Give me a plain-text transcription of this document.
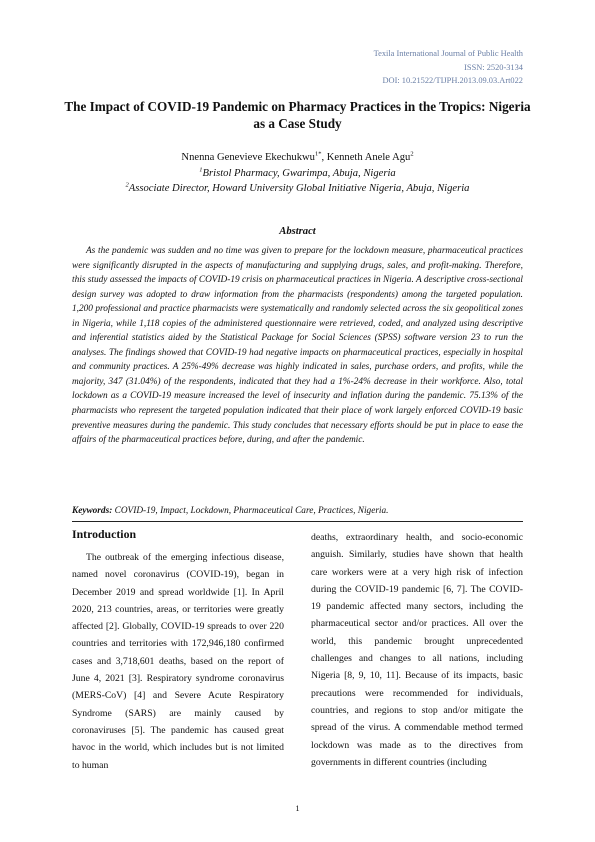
Texila International Journal of Public Health
ISSN: 2520-3134
DOI: 10.21522/TIJPH.2013.09.03.Art022
The Impact of COVID-19 Pandemic on Pharmacy Practices in the Tropics: Nigeria as a Case Study
Nnenna Genevieve Ekechukwu$^{1*}$, Kenneth Anele Agu$^2$
$^1$Bristol Pharmacy, Gwarimpa, Abuja, Nigeria
$^2$Associate Director, Howard University Global Initiative Nigeria, Abuja, Nigeria
Abstract

As the pandemic was sudden and no time was given to prepare for the lockdown measure, pharmaceutical practices were significantly disrupted in the aspects of manufacturing and supplying drugs, sales, and profit-making. Therefore, this study assessed the impacts of COVID-19 crisis on pharmaceutical practices in Nigeria. A descriptive cross-sectional design survey was adopted to draw information from the pharmacists (respondents) among the targeted population. 1,200 professional and practice pharmacists were systematically and randomly selected across the six geopolitical zones in Nigeria, while 1,118 copies of the administered questionnaire were retrieved, coded, and analyzed using descriptive and inferential statistics aided by the Statistical Package for Social Sciences (SPSS) software version 23 to run the analyses. The findings showed that COVID-19 had negative impacts on pharmaceutical practices, especially in hospital and community practices. A 25%-49% decrease was highly indicated in sales, purchase orders, and profits, while the majority, 347 (31.04%) of the respondents, indicated that they had a 1%-24% decrease in their workforce. Also, total lockdown as a COVID-19 measure increased the level of insecurity and inflation during the pandemic. 75.13% of the pharmacists who represent the targeted population indicated that their place of work largely enforced COVID-19 basic preventive measures during the pandemic. This study concludes that necessary efforts should be put in place to ease the affairs of the pharmaceutical practices before, during, and after the pandemic.

Keywords: COVID-19, Impact, Lockdown, Pharmaceutical Care, Practices, Nigeria.
Introduction

The outbreak of the emerging infectious disease, named novel coronavirus (COVID-19), began in December 2019 and spread worldwide [1]. In April 2020, 213 countries, areas, or territories were greatly affected [2]. Globally, COVID-19 spreads to over 220 countries and territories with 172,946,180 confirmed cases and 3,718,601 deaths, based on the report of June 4, 2021 [3]. Respiratory syndrome coronavirus (MERS-CoV) [4] and Severe Acute Respiratory Syndrome (SARS) are mainly caused by coronaviruses [5]. The pandemic has caused great havoc in the world, which includes but is not limited to human

deaths, extraordinary health, and socio-economic anguish. Similarly, studies have shown that health care workers were at a very high risk of infection during the COVID-19 pandemic [6, 7]. The COVID-19 pandemic affected many sectors, including the pharmaceutical sector and/or practices. All over the world, this pandemic brought unprecedented challenges and changes to all nations, including Nigeria [8, 9, 10, 11]. Because of its impacts, basic precautions were recommended for individuals, countries, and regions to stop and/or mitigate the spread of the virus. A commendable method termed lockdown was made as to the directives from governments in different countries (including

1
